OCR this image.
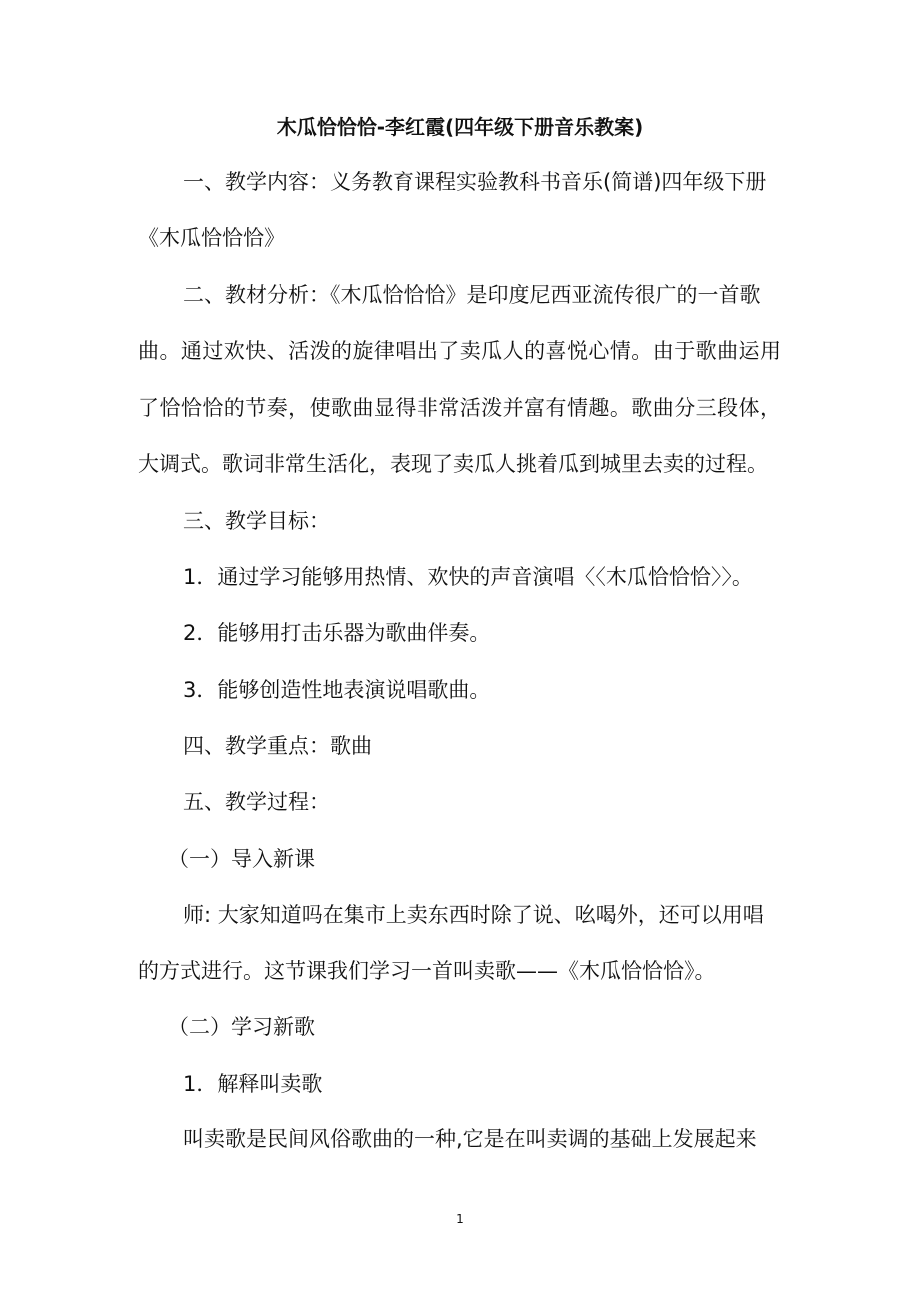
木瓜恰恰恰-李红霞(四年级下册音乐教案)
一、教学内容：义务教育课程实验教科书音乐(简谱)四年级下册
《木瓜恰恰恰》
二、教材分析：《木瓜恰恰恰》是印度尼西亚流传很广的一首歌
曲。通过欢快、活泼的旋律唱出了卖瓜人的喜悦心情。由于歌曲运用
了恰恰恰的节奏，使歌曲显得非常活泼并富有情趣。歌曲分三段体，
大调式。歌词非常生活化，表现了卖瓜人挑着瓜到城里去卖的过程。
三、教学目标：
1．通过学习能够用热情、欢快的声音演唱〈〈木瓜恰恰恰〉〉。
2．能够用打击乐器为歌曲伴奏。
3．能够创造性地表演说唱歌曲。
四、教学重点：歌曲
五、教学过程：
（一）导入新课
师: 大家知道吗在集市上卖东西时除了说、吆喝外，还可以用唱
的方式进行。这节课我们学习一首叫卖歌——《木瓜恰恰恰》。
（二）学习新歌
1．解释叫卖歌
叫卖歌是民间风俗歌曲的一种,它是在叫卖调的基础上发展起来
1
